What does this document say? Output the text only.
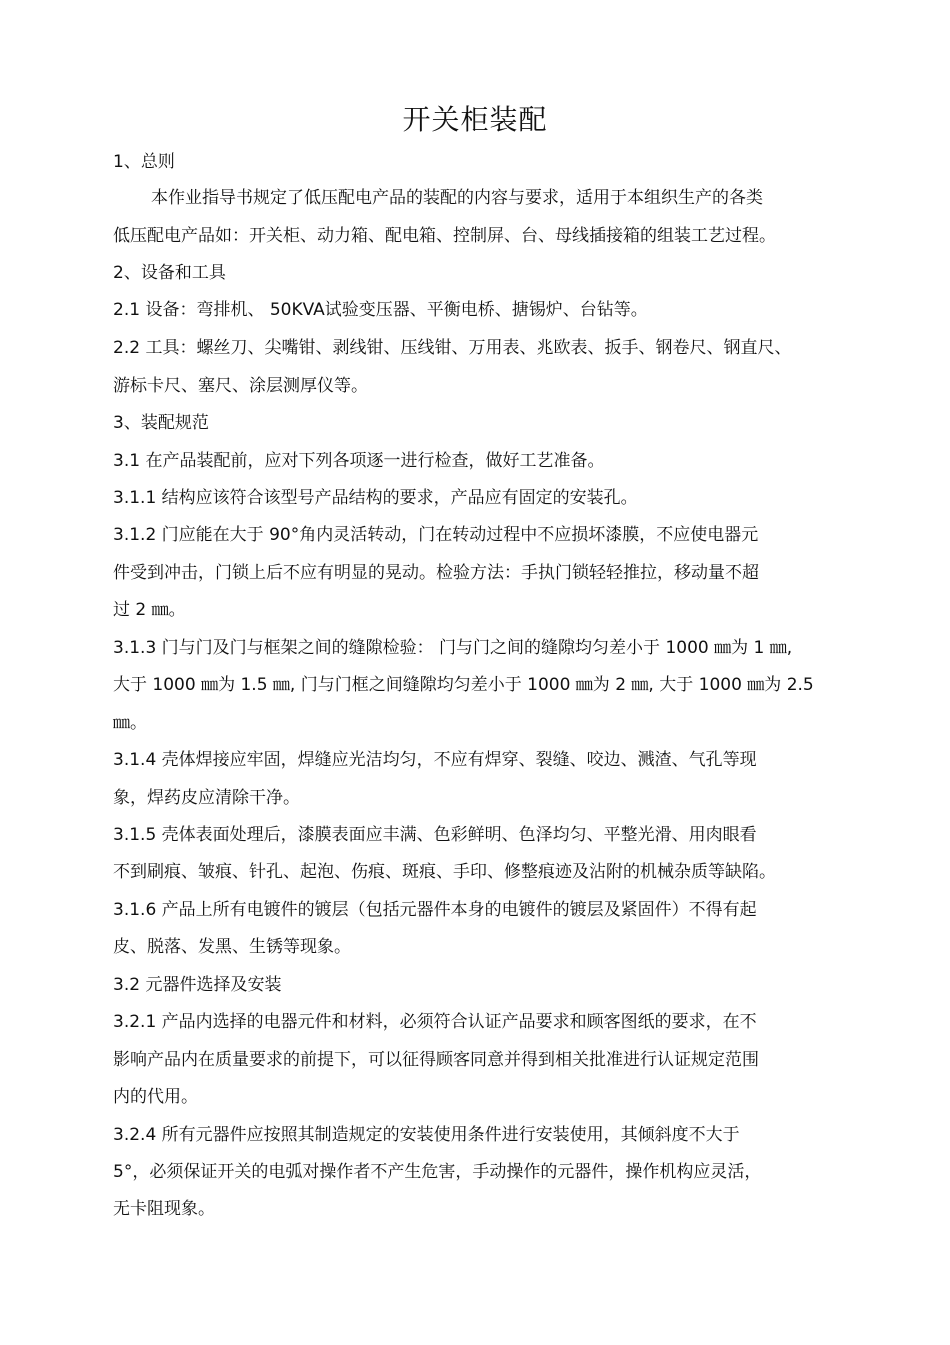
开关柜装配
1、总则
本作业指导书规定了低压配电产品的装配的内容与要求，适用于本组织生产的各类
低压配电产品如：开关柜、动力箱、配电箱、控制屏、台、母线插接箱的组装工艺过程。
2、设备和工具
2.1 设备：弯排机、 50KVA试验变压器、平衡电桥、搪锡炉、台钻等。
2.2 工具：螺丝刀、尖嘴钳、剥线钳、压线钳、万用表、兆欧表、扳手、钢卷尺、钢直尺、
游标卡尺、塞尺、涂层测厚仪等。
3、装配规范
3.1 在产品装配前，应对下列各项逐一进行检查，做好工艺准备。
3.1.1 结构应该符合该型号产品结构的要求，产品应有固定的安装孔。
3.1.2 门应能在大于 90°角内灵活转动，门在转动过程中不应损坏漆膜，不应使电器元
件受到冲击，门锁上后不应有明显的晃动。检验方法：手执门锁轻轻推拉，移动量不超
过 2 ㎜。
3.1.3 门与门及门与框架之间的缝隙检验： 门与门之间的缝隙均匀差小于 1000 ㎜为 1 ㎜,
大于 1000 ㎜为 1.5 ㎜, 门与门框之间缝隙均匀差小于 1000 ㎜为 2 ㎜, 大于 1000 ㎜为 2.5
㎜。
3.1.4 壳体焊接应牢固，焊缝应光洁均匀，不应有焊穿、裂缝、咬边、溅渣、气孔等现
象，焊药皮应清除干净。
3.1.5 壳体表面处理后，漆膜表面应丰满、色彩鲜明、色泽均匀、平整光滑、用肉眼看
不到刷痕、皱痕、针孔、起泡、伤痕、斑痕、手印、修整痕迹及沾附的机械杂质等缺陷。
3.1.6 产品上所有电镀件的镀层（包括元器件本身的电镀件的镀层及紧固件）不得有起
皮、脱落、发黑、生锈等现象。
3.2 元器件选择及安装
3.2.1 产品内选择的电器元件和材料，必须符合认证产品要求和顾客图纸的要求，在不
影响产品内在质量要求的前提下，可以征得顾客同意并得到相关批准进行认证规定范围
内的代用。
3.2.4 所有元器件应按照其制造规定的安装使用条件进行安装使用，其倾斜度不大于
5°，必须保证开关的电弧对操作者不产生危害，手动操作的元器件，操作机构应灵活，
无卡阻现象。
